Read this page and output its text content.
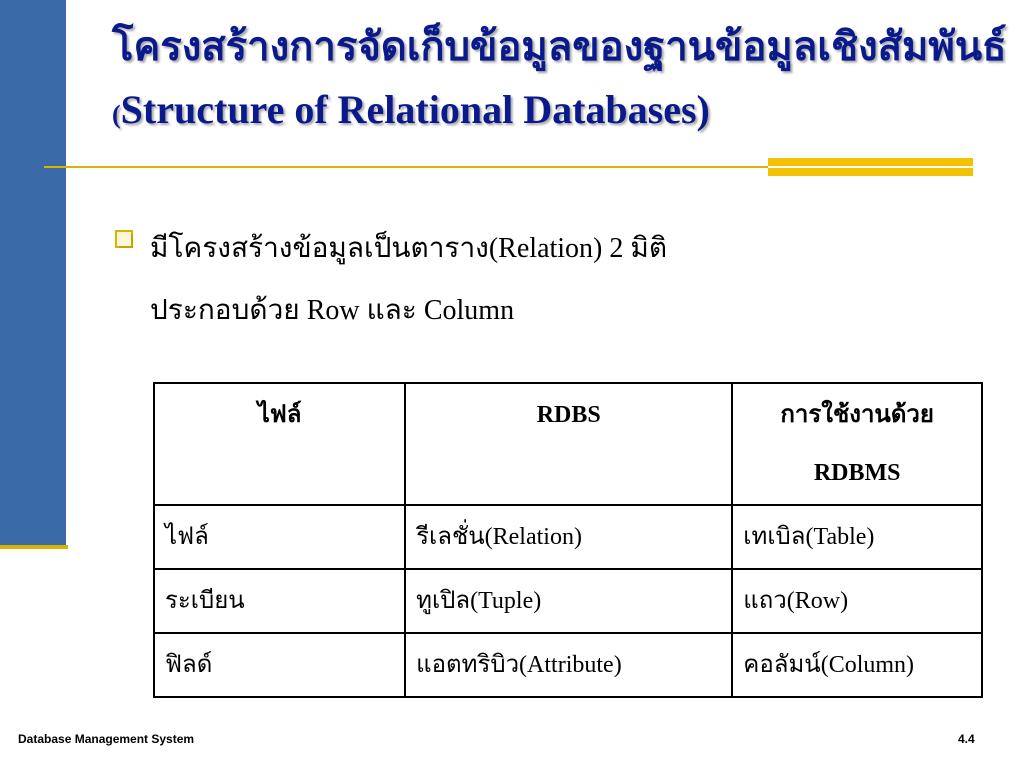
โครงสร้างการจัดเก็บข้อมูลของฐานข้อมูลเชิงสัมพันธ์
(Structure of Relational Databases)
มีโครงสร้างข้อมูลเป็นตาราง(Relation) 2 มิติ
ประกอบด้วย Row และ Column
ไฟล์	RDBS	การใช้งานด้วย RDBMS
ไฟล์	รีเลชั่น(Relation)	เทเบิล(Table)
ระเบียน	ทูเปิล(Tuple)	แถว(Row)
ฟิลด์	แอตทริบิว(Attribute)	คอลัมน์(Column)
Database Management System	4.4
